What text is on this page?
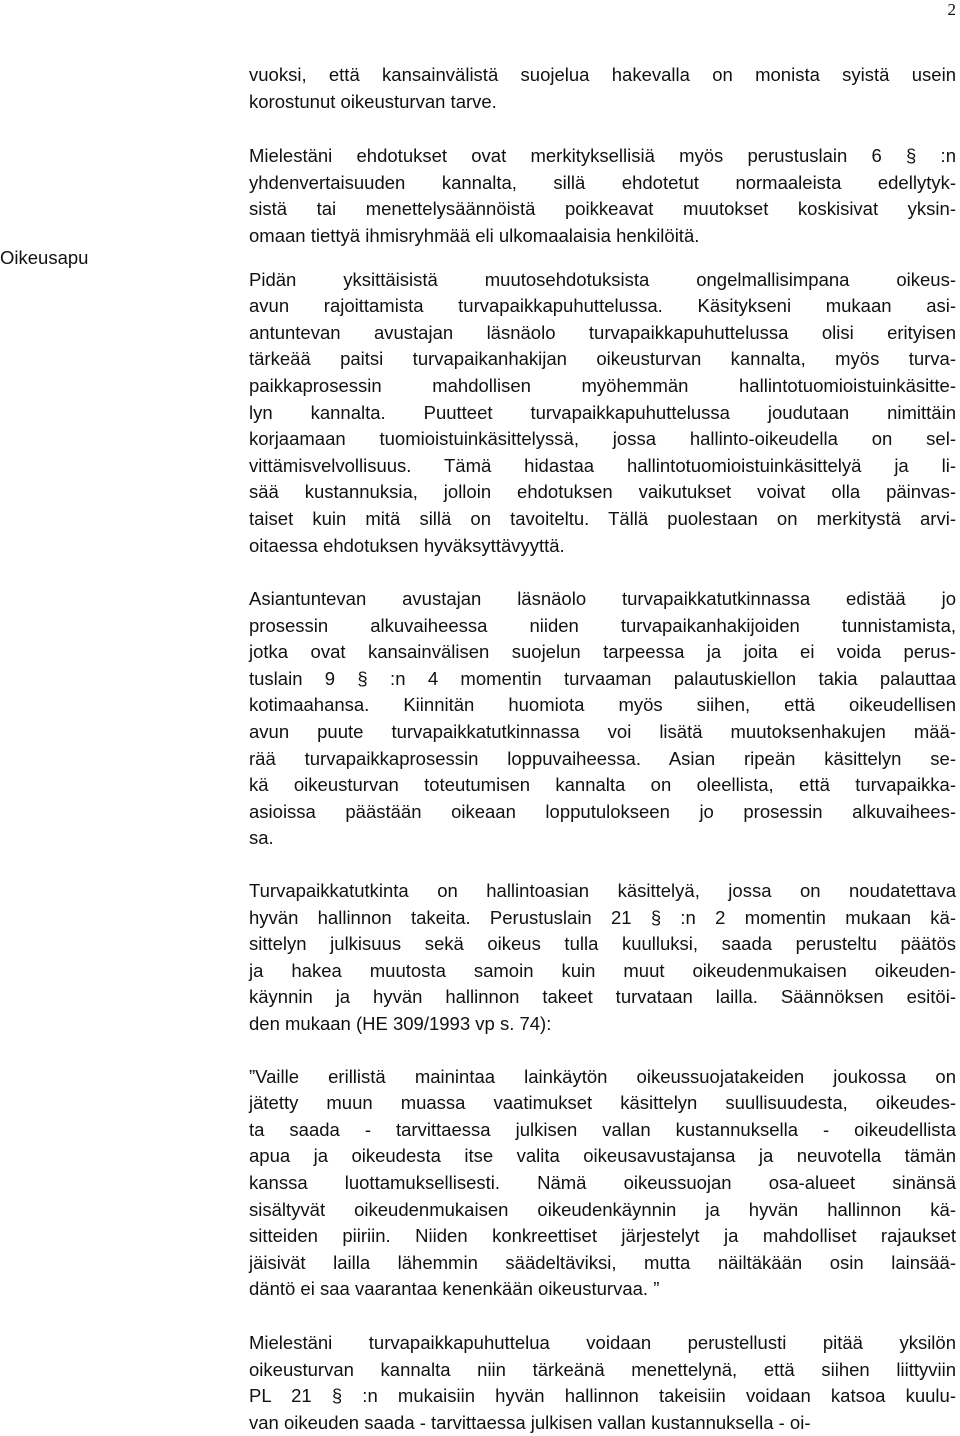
2
Oikeusapu
vuoksi, että kansainvälistä suojelua hakevalla on monista syistä usein
korostunut oikeusturvan tarve.
Mielestäni ehdotukset ovat merkityksellisiä myös perustuslain 6 § :n
yhdenvertaisuuden kannalta, sillä ehdotetut normaaleista edellytyk-
sistä tai menettelysäännöistä poikkeavat muutokset koskisivat yksin-
omaan tiettyä ihmisryhmää eli ulkomaalaisia henkilöitä.
Pidän yksittäisistä muutosehdotuksista ongelmallisimpana oikeus-
avun rajoittamista turvapaikkapuhuttelussa. Käsitykseni mukaan asi-
antuntevan avustajan läsnäolo turvapaikkapuhuttelussa olisi erityisen
tärkeää paitsi turvapaikanhakijan oikeusturvan kannalta, myös turva-
paikkaprosessin mahdollisen myöhemmän hallintotuomioistuinkäsitte-
lyn kannalta. Puutteet turvapaikkapuhuttelussa joudutaan nimittäin
korjaamaan tuomioistuinkäsittelyssä, jossa hallinto-oikeudella on sel-
vittämisvelvollisuus. Tämä hidastaa hallintotuomioistuinkäsittelyä ja li-
sää kustannuksia, jolloin ehdotuksen vaikutukset voivat olla päinvas-
taiset kuin mitä sillä on tavoiteltu. Tällä puolestaan on merkitystä arvi-
oitaessa ehdotuksen hyväksyttävyyttä.
Asiantuntevan avustajan läsnäolo turvapaikkatutkinnassa edistää jo
prosessin alkuvaiheessa niiden turvapaikanhakijoiden tunnistamista,
jotka ovat kansainvälisen suojelun tarpeessa ja joita ei voida perus-
tuslain 9 § :n 4 momentin turvaaman palautuskiellon takia palauttaa
kotimaahansa. Kiinnitän huomiota myös siihen, että oikeudellisen
avun puute turvapaikkatutkinnassa voi lisätä muutoksenhakujen mää-
rää turvapaikkaprosessin loppuvaiheessa. Asian ripeän käsittelyn se-
kä oikeusturvan toteutumisen kannalta on oleellista, että turvapaikka-
asioissa päästään oikeaan lopputulokseen jo prosessin alkuvaihees-
sa.
Turvapaikkatutkinta on hallintoasian käsittelyä, jossa on noudatettava
hyvän hallinnon takeita. Perustuslain 21 § :n 2 momentin mukaan kä-
sittelyn julkisuus sekä oikeus tulla kuulluksi, saada perusteltu päätös
ja hakea muutosta samoin kuin muut oikeudenmukaisen oikeuden-
käynnin ja hyvän hallinnon takeet turvataan lailla. Säännöksen esitöi-
den mukaan (HE 309/1993 vp s. 74):
”Vaille erillistä mainintaa lainkäytön oikeussuojatakeiden joukossa on
jätetty muun muassa vaatimukset käsittelyn suullisuudesta, oikeudes-
ta saada - tarvittaessa julkisen vallan kustannuksella - oikeudellista
apua ja oikeudesta itse valita oikeusavustajansa ja neuvotella tämän
kanssa luottamuksellisesti. Nämä oikeussuojan osa-alueet sinänsä
sisältyvät oikeudenmukaisen oikeudenkäynnin ja hyvän hallinnon kä-
sitteiden piiriin. Niiden konkreettiset järjestelyt ja mahdolliset rajaukset
jäisivät lailla lähemmin säädeltäviksi, mutta näiltäkään osin lainsää-
däntö ei saa vaarantaa kenenkään oikeusturvaa. ”
Mielestäni turvapaikkapuhuttelua voidaan perustellusti pitää yksilön
oikeusturvan kannalta niin tärkeänä menettelynä, että siihen liittyviin
PL 21 § :n mukaisiin hyvän hallinnon takeisiin voidaan katsoa kuulu-
van oikeuden saada - tarvittaessa julkisen vallan kustannuksella - oi-
